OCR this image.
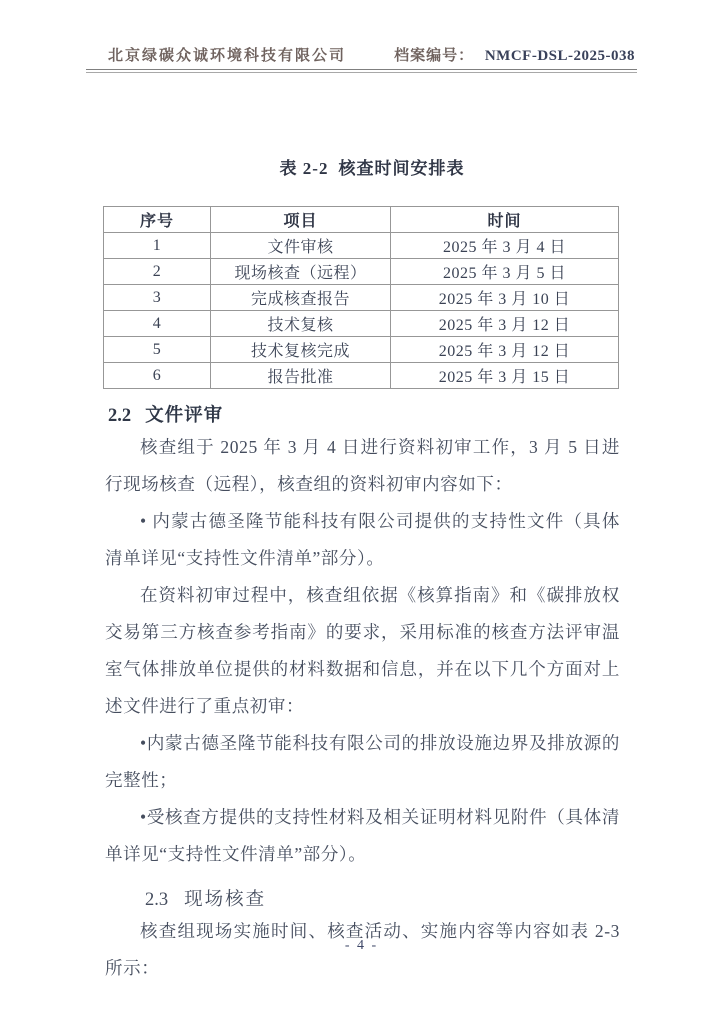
北京绿碳众诚环境科技有限公司	档案编号： NMCF-DSL-2025-038

表 2-2 核查时间安排表

序号	项目	时间
1	文件审核	2025 年 3 月 4 日
2	现场核查（远程）	2025 年 3 月 5 日
3	完成核查报告	2025 年 3 月 10 日
4	技术复核	2025 年 3 月 12 日
5	技术复核完成	2025 年 3 月 12 日
6	报告批准	2025 年 3 月 15 日
2.2 文件评审

核查组于 2025 年 3 月 4 日进行资料初审工作，3 月 5 日进行现场核查（远程），核查组的资料初审内容如下：

• 内蒙古德圣隆节能科技有限公司提供的支持性文件（具体清单详见“支持性文件清单”部分）。

在资料初审过程中，核查组依据《核算指南》和《碳排放权交易第三方核查参考指南》的要求，采用标准的核查方法评审温室气体排放单位提供的材料数据和信息，并在以下几个方面对上述文件进行了重点初审：

•内蒙古德圣隆节能科技有限公司的排放设施边界及排放源的完整性；

•受核查方提供的支持性材料及相关证明材料见附件（具体清单详见“支持性文件清单”部分）。

2.3 现场核查

核查组现场实施时间、核查活动、实施内容等内容如表 2-3 所示：

- 4 -
